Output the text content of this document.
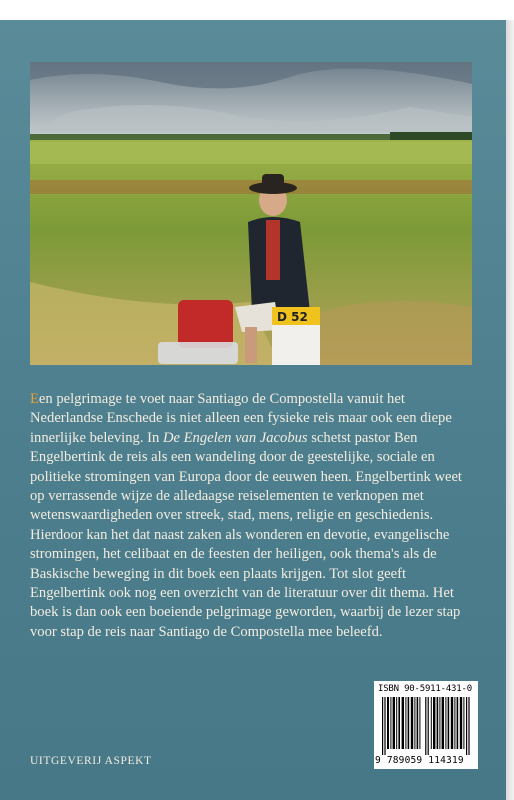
D 52
Een pelgrimage te voet naar Santiago de Compostella vanuit het Nederlandse Enschede is niet alleen een fysieke reis maar ook een diepe innerlijke beleving. In De Engelen van Jacobus schetst pastor Ben Engelbertink de reis als een wandeling door de geestelijke, sociale en politieke stromingen van Europa door de eeuwen heen. Engelbertink weet op verrassende wijze de alledaagse reiselementen te verknopen met wetenswaardigheden over streek, stad, mens, religie en geschiedenis. Hierdoor kan het dat naast zaken als wonderen en devotie, evangelische stromingen, het celibaat en de feesten der heiligen, ook thema's als de Baskische beweging in dit boek een plaats krijgen. Tot slot geeft Engelbertink ook nog een overzicht van de literatuur over dit thema. Het boek is dan ook een boeiende pelgrimage geworden, waarbij de lezer stap voor stap de reis naar Santiago de Compostella mee beleefd.
ISBN 90-5911-431-0
9 789059 114319
UITGEVERIJ ASPEKT
